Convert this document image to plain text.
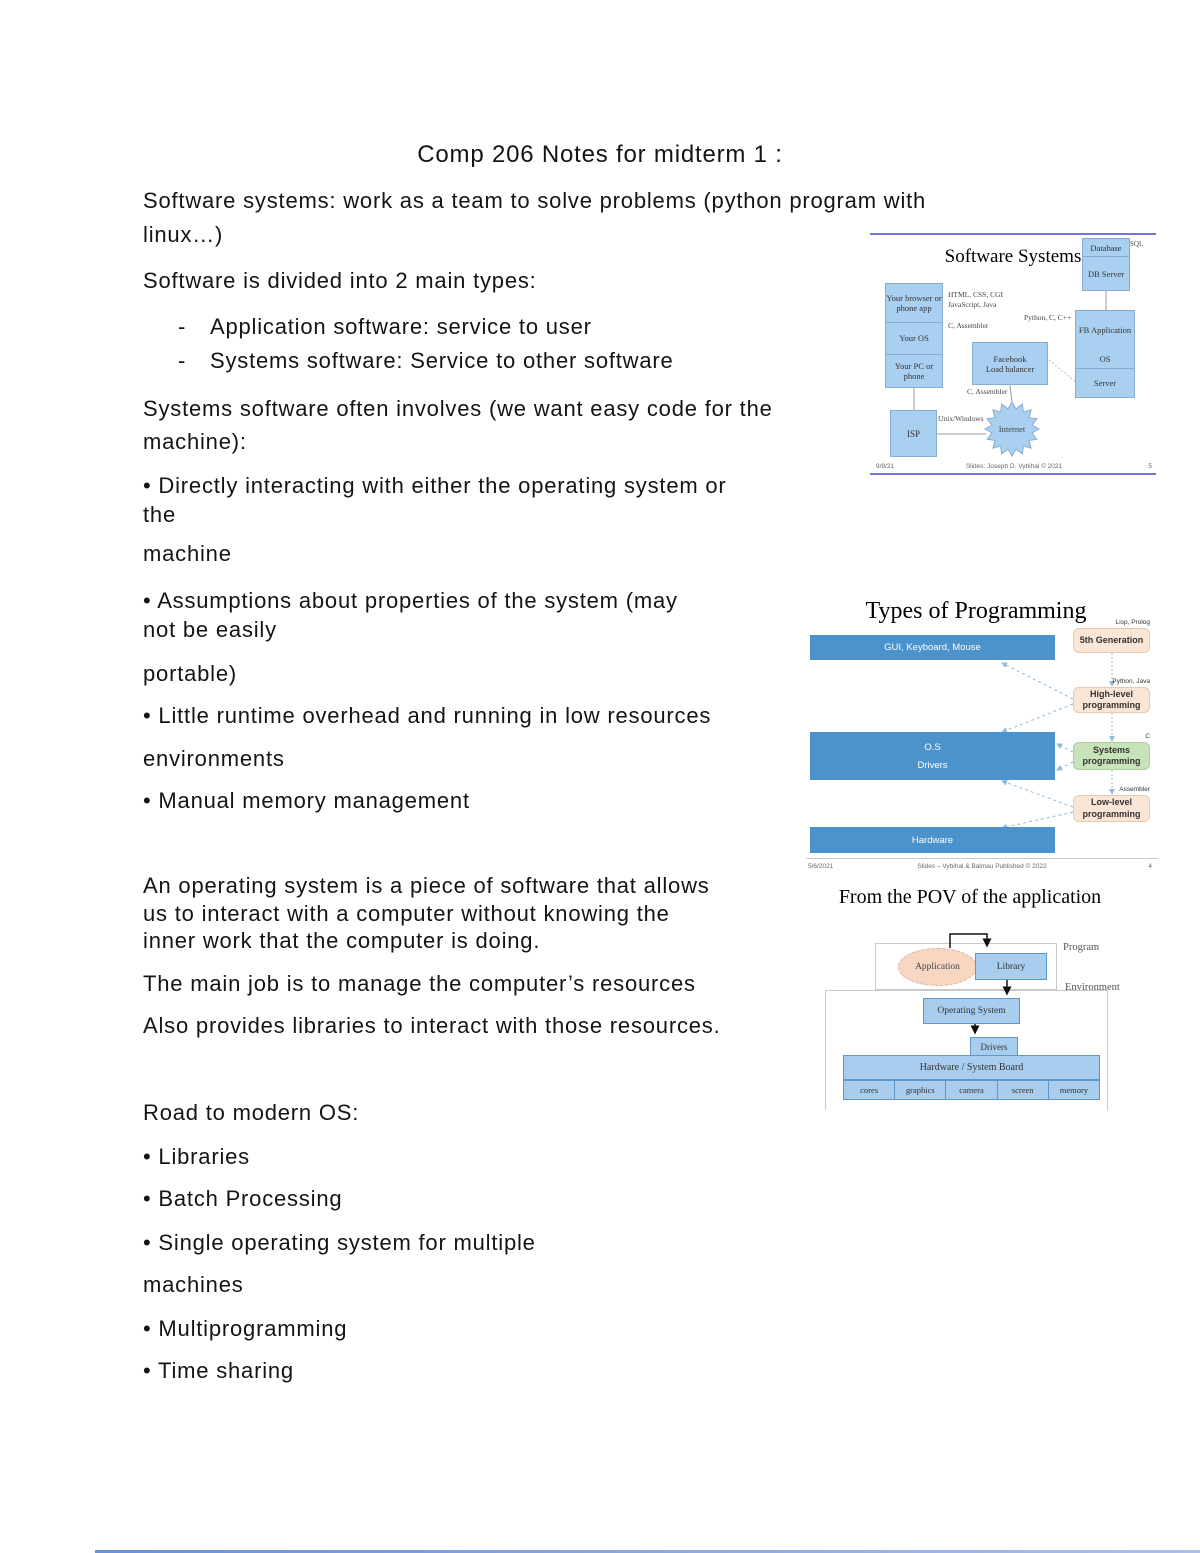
Comp 206 Notes for midterm 1 :
Software systems: work as a team to solve problems (python program with
linux…)
Software is divided into 2 main types:
- Application software: service to user
- Systems software: Service to other software
Systems software often involves (we want easy code for the
machine):
• Directly interacting with either the operating system or
the
machine
• Assumptions about properties of the system (may
not be easily
portable)
• Little runtime overhead and running in low resources
environments
• Manual memory management
An operating system is a piece of software that allows
us to interact with a computer without knowing the
inner work that the computer is doing.
The main job is to manage the computer’s resources
Also provides libraries to interact with those resources.
Road to modern OS:
• Libraries
• Batch Processing
• Single operating system for multiple
machines
• Multiprogramming
• Time sharing
Software Systems
Your browser or phone app
Your OS
Your PC or phone
HTML, CSS, CGI
JavaScript, Java
C, Assembler
Python, C, C++
SQL
C, Assembler
Unix/Windows
Database
DB Server
FB Application
OS
Server
Facebook
Load balancer
ISP	Internet
9/8/21	Slides: Joseph D. Vybihal © 2021	5
Types of Programming
GUI, Keyboard, Mouse
O.S
Drivers
Hardware
Lisp, Prolog
5th Generation
Python, Java
High-level programming
C
Systems programming
Assembler
Low-level programming
5/6/2021	Slides – Vybihal & Balmau Published © 2022	4
From the POV of the application
Program
Environment
Application	Library
Operating System
Drivers
Hardware / System Board
cores	graphics	camera	screen	memory
